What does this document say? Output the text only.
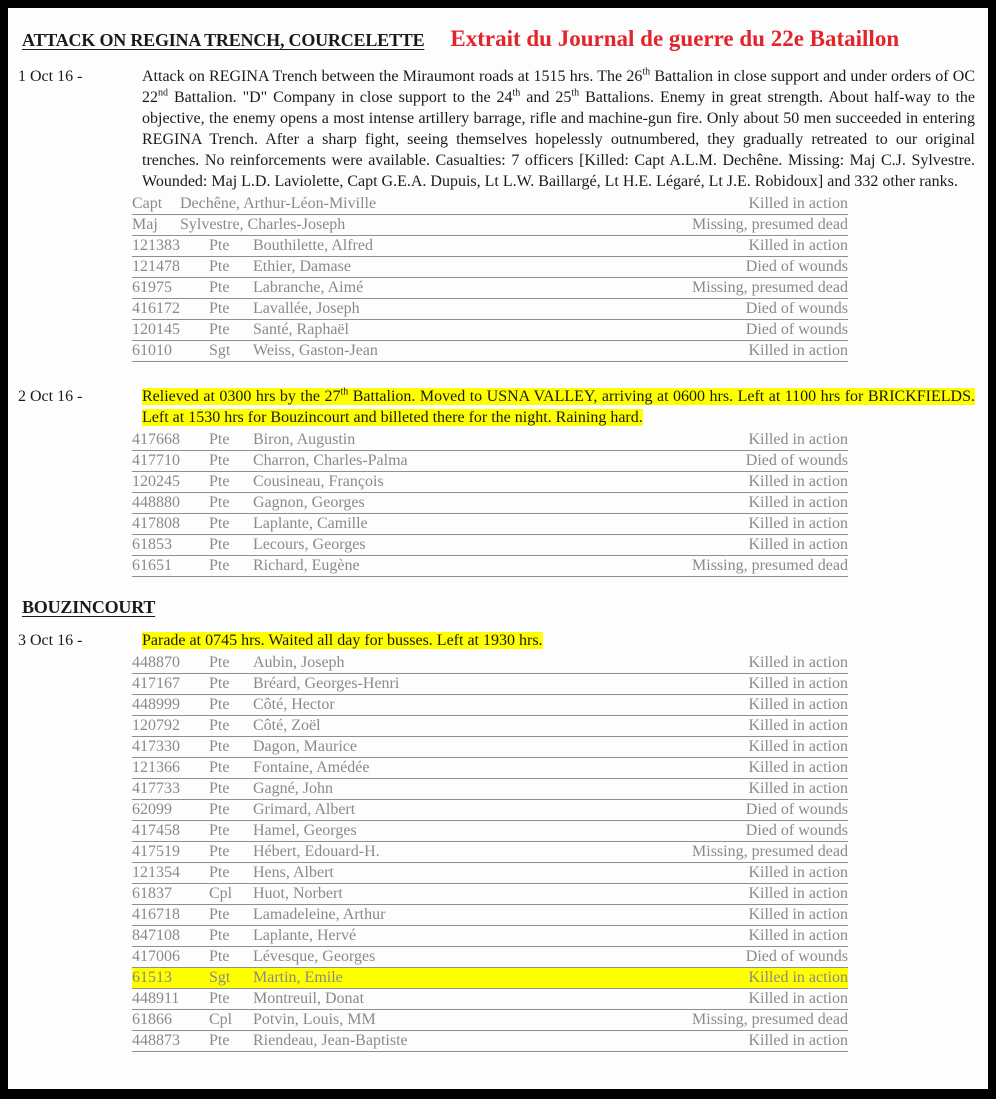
ATTACK ON REGINA TRENCH, COURCELETTE Extrait du Journal de guerre du 22e Bataillon
1 Oct 16 -	Attack on REGINA Trench between the Miraumont roads at 1515 hrs. The 26th Battalion in close support and under orders of OC 22nd Battalion. "D" Company in close support to the 24th and 25th Battalions. Enemy in great strength. About half-way to the objective, the enemy opens a most intense artillery barrage, rifle and machine-gun fire. Only about 50 men succeeded in entering REGINA Trench. After a sharp fight, seeing themselves hopelessly outnumbered, they gradually retreated to our original trenches. No reinforcements were available. Casualties: 7 officers [Killed: Capt A.L.M. Dechêne. Missing: Maj C.J. Sylvestre. Wounded: Maj L.D. Laviolette, Capt G.E.A. Dupuis, Lt L.W. Baillargé, Lt H.E. Légaré, Lt J.E. Robidoux] and 332 other ranks.

Capt	Dechêne, Arthur-Léon-Miville	Killed in action
Maj	Sylvestre, Charles-Joseph	Missing, presumed dead
121383	Pte	Bouthilette, Alfred	Killed in action
121478	Pte	Ethier, Damase	Died of wounds
61975	Pte	Labranche, Aimé	Missing, presumed dead
416172	Pte	Lavallée, Joseph	Died of wounds
120145	Pte	Santé, Raphaël	Died of wounds
61010	Sgt	Weiss, Gaston-Jean	Killed in action
2 Oct 16 -	Relieved at 0300 hrs by the 27th Battalion. Moved to USNA VALLEY, arriving at 0600 hrs. Left at 1100 hrs for BRICKFIELDS. Left at 1530 hrs for Bouzincourt and billeted there for the night. Raining hard.

417668	Pte	Biron, Augustin	Killed in action
417710	Pte	Charron, Charles-Palma	Died of wounds
120245	Pte	Cousineau, François	Killed in action
448880	Pte	Gagnon, Georges	Killed in action
417808	Pte	Laplante, Camille	Killed in action
61853	Pte	Lecours, Georges	Killed in action
61651	Pte	Richard, Eugène	Missing, presumed dead
BOUZINCOURT
3 Oct 16 -	Parade at 0745 hrs. Waited all day for busses. Left at 1930 hrs.

448870	Pte	Aubin, Joseph	Killed in action
417167	Pte	Bréard, Georges-Henri	Killed in action
448999	Pte	Côté, Hector	Killed in action
120792	Pte	Côté, Zoël	Killed in action
417330	Pte	Dagon, Maurice	Killed in action
121366	Pte	Fontaine, Amédée	Killed in action
417733	Pte	Gagné, John	Killed in action
62099	Pte	Grimard, Albert	Died of wounds
417458	Pte	Hamel, Georges	Died of wounds
417519	Pte	Hébert, Edouard-H.	Missing, presumed dead
121354	Pte	Hens, Albert	Killed in action
61837	Cpl	Huot, Norbert	Killed in action
416718	Pte	Lamadeleine, Arthur	Killed in action
847108	Pte	Laplante, Hervé	Killed in action
417006	Pte	Lévesque, Georges	Died of wounds
61513	Sgt	Martin, Emile	Killed in action
448911	Pte	Montreuil, Donat	Killed in action
61866	Cpl	Potvin, Louis, MM	Missing, presumed dead
448873	Pte	Riendeau, Jean-Baptiste	Killed in action
